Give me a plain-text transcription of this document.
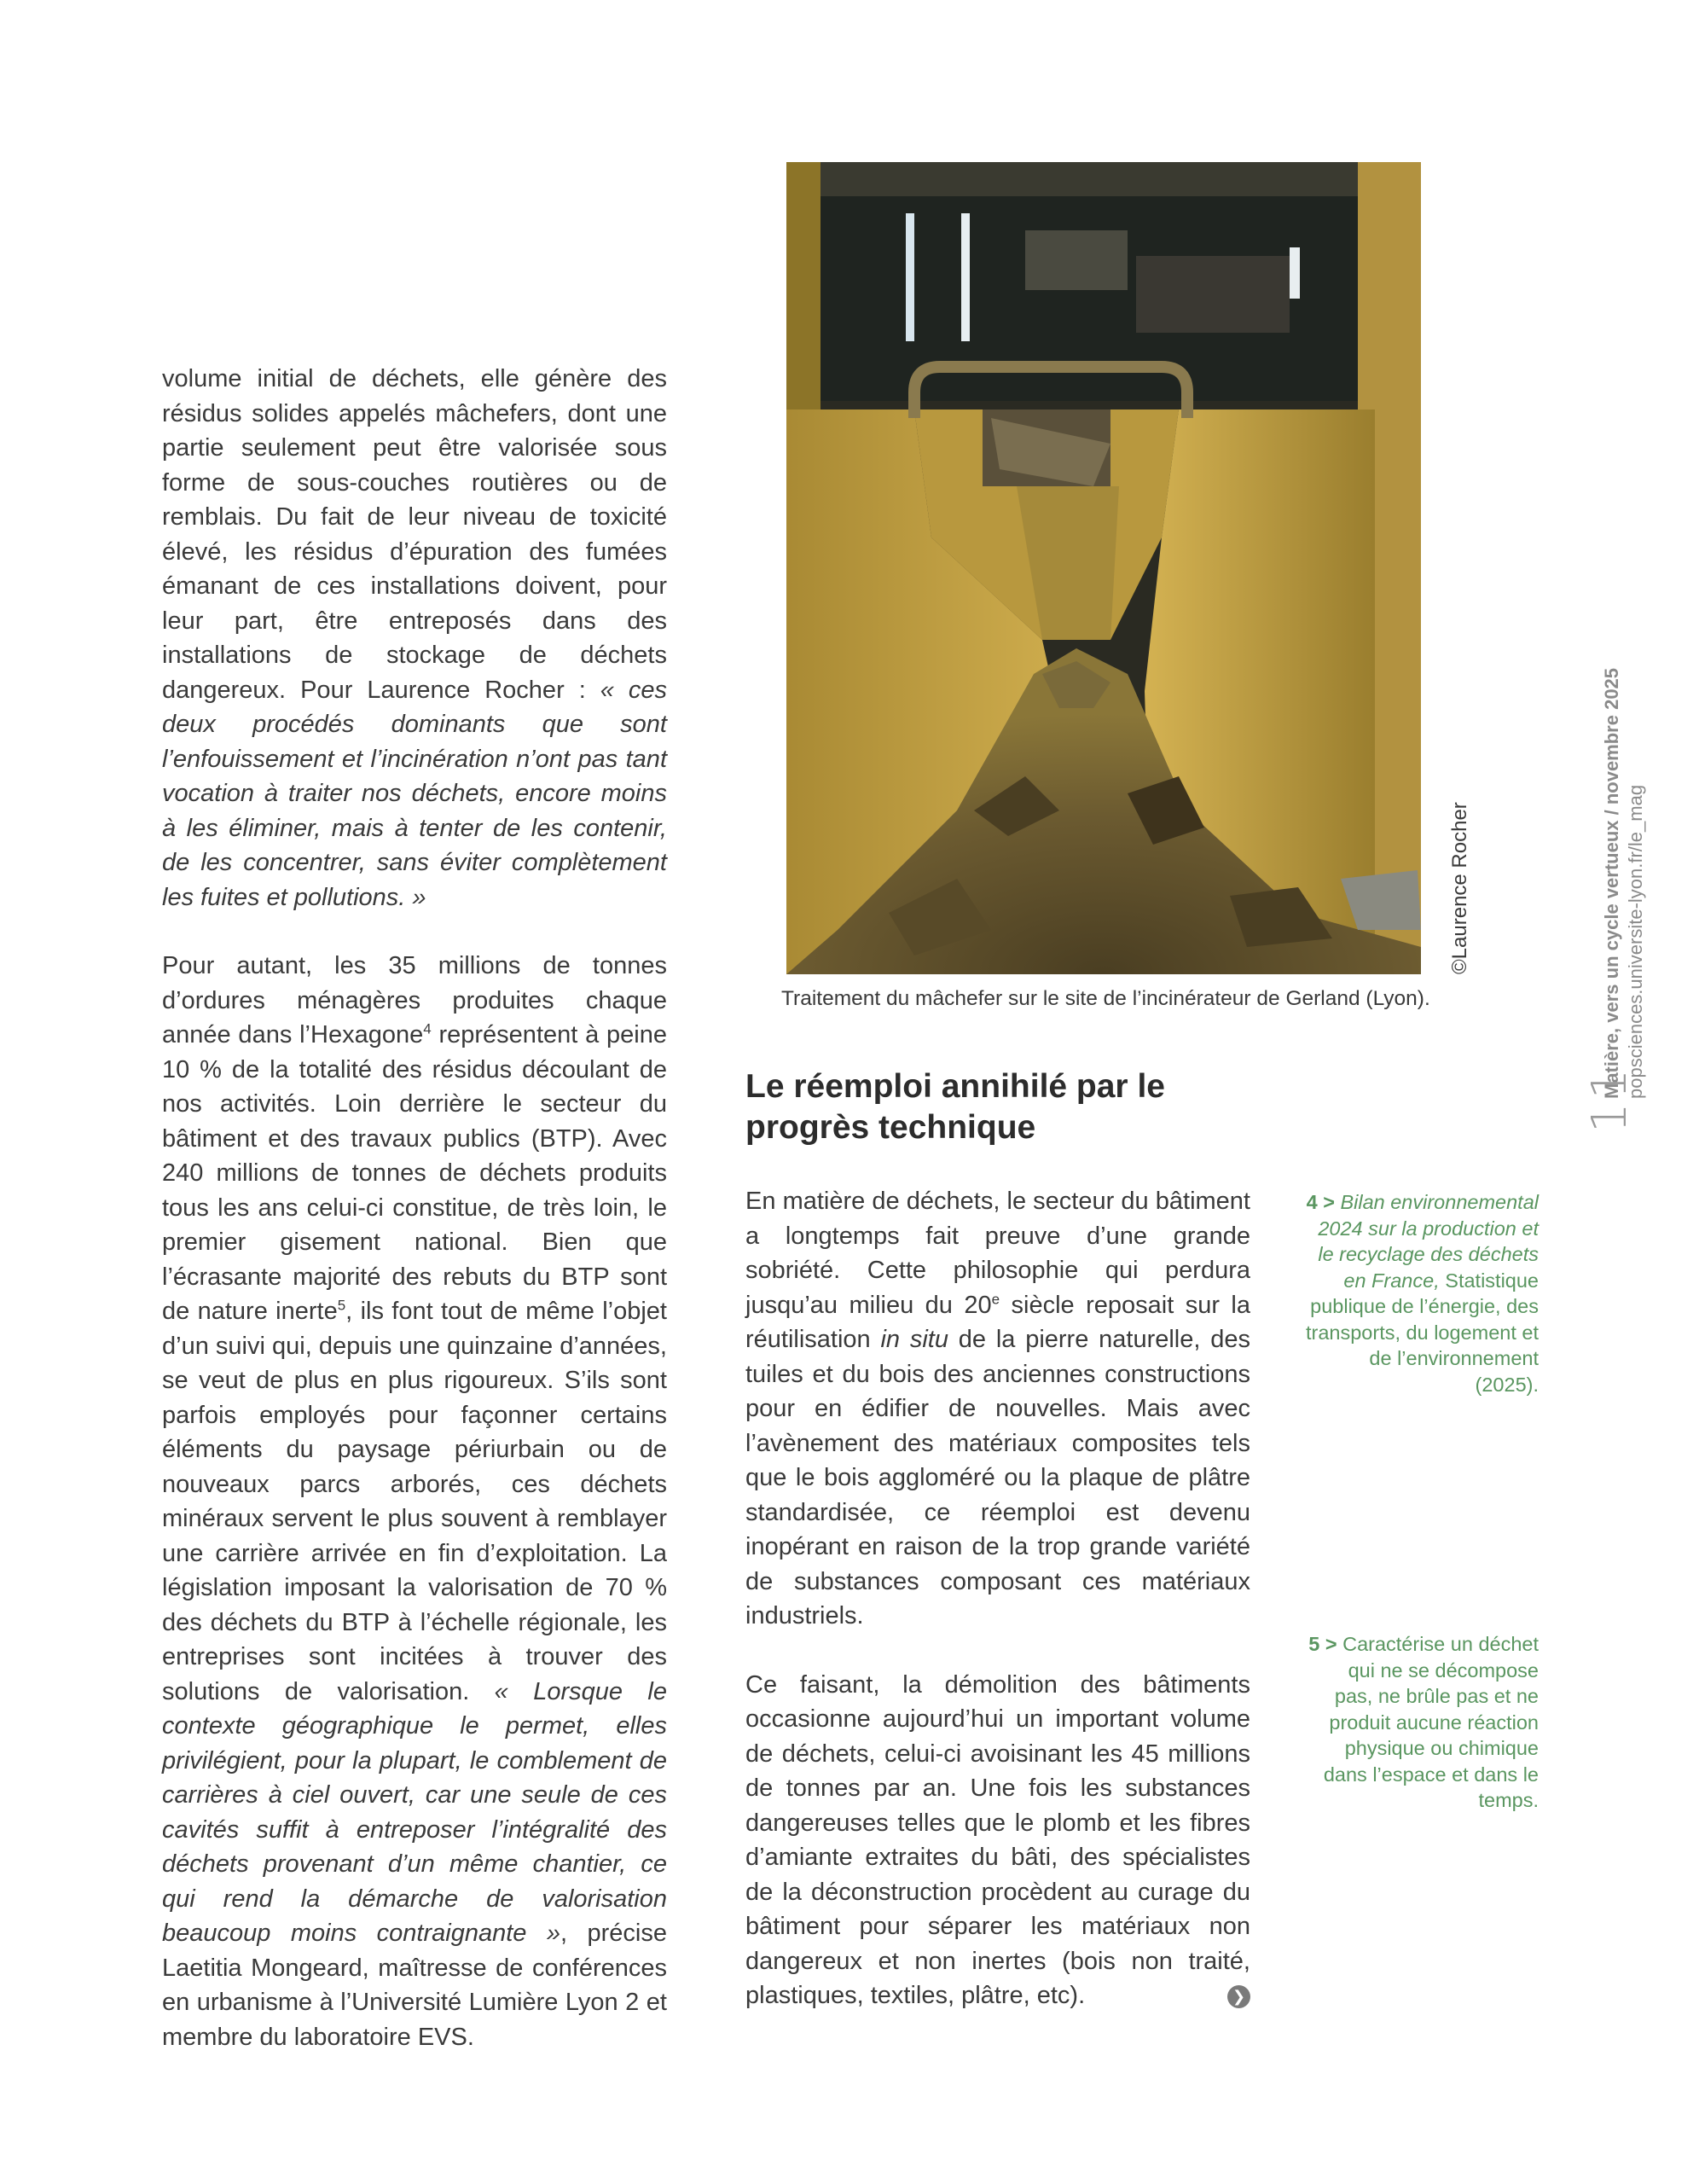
volume initial de déchets, elle génère des résidus solides appelés mâchefers, dont une partie seulement peut être valorisée sous forme de sous-couches routières ou de remblais. Du fait de leur niveau de toxicité élevé, les résidus d’épuration des fumées émanant de ces installations doivent, pour leur part, être entreposés dans des installations de stockage de déchets dangereux. Pour Laurence Rocher : « ces deux procédés dominants que sont l’enfouissement et l’incinération n’ont pas tant vocation à traiter nos déchets, encore moins à les éliminer, mais à tenter de les contenir, de les concentrer, sans éviter complètement les fuites et pollutions. »

Pour autant, les 35 millions de tonnes d’ordures ménagères produites chaque année dans l’Hexagone$^4$ représentent à peine 10 % de la totalité des résidus découlant de nos activités. Loin derrière le secteur du bâtiment et des travaux publics (BTP). Avec 240 millions de tonnes de déchets produits tous les ans celui-ci constitue, de très loin, le premier gisement national. Bien que l’écrasante majorité des rebuts du BTP sont de nature inerte$^5$, ils font tout de même l’objet d’un suivi qui, depuis une quinzaine d’années, se veut de plus en plus rigoureux. S’ils sont parfois employés pour façonner certains éléments du paysage périurbain ou de nouveaux parcs arborés, ces déchets minéraux servent le plus souvent à remblayer une carrière arrivée en fin d’exploitation. La législation imposant la valorisation de 70 % des déchets du BTP à l’échelle régionale, les entreprises sont incitées à trouver des solutions de valorisation. « Lorsque le contexte géographique le permet, elles privilégient, pour la plupart, le comblement de carrières à ciel ouvert, car une seule de ces cavités suffit à entreposer l’intégralité des déchets provenant d’un même chantier, ce qui rend la démarche de valorisation beaucoup moins contraignante », précise Laetitia Mongeard, maîtresse de conférences en urbanisme à l’Université Lumière Lyon 2 et membre du laboratoire EVS.

©Laurence Rocher
Traitement du mâchefer sur le site de l’incinérateur de Gerland (Lyon).
Le réemploi annihilé par le progrès technique

En matière de déchets, le secteur du bâtiment a longtemps fait preuve d’une grande sobriété. Cette philosophie qui perdura jusqu’au milieu du 20e siècle reposait sur la réutilisation in situ de la pierre naturelle, des tuiles et du bois des anciennes constructions pour en édifier de nouvelles. Mais avec l’avènement des matériaux composites tels que le bois aggloméré ou la plaque de plâtre standardisée, ce réemploi est devenu inopérant en raison de la trop grande variété de substances composant ces matériaux industriels.

Ce faisant, la démolition des bâtiments occasionne aujourd’hui un important volume de déchets, celui-ci avoisinant les 45 millions de tonnes par an. Une fois les substances dangereuses telles que le plomb et les fibres d’amiante extraites du bâti, des spécialistes de la déconstruction procèdent au curage du bâtiment pour séparer les matériaux non dangereux et non inertes (bois non traité, plastiques, textiles, plâtre, etc).	❯

4 > Bilan environnemental 2024 sur la production et le recyclage des déchets en France, Statistique publique de l’énergie, des transports, du logement et de l’environnement (2025).
5 > Caractérise un déchet qui ne se décompose pas, ne brûle pas et ne produit aucune réaction physique ou chimique dans l’espace et dans le temps.
Matière, vers un cycle vertueux / novembre 2025 popsciences.universite-lyon.fr/le_mag
11
